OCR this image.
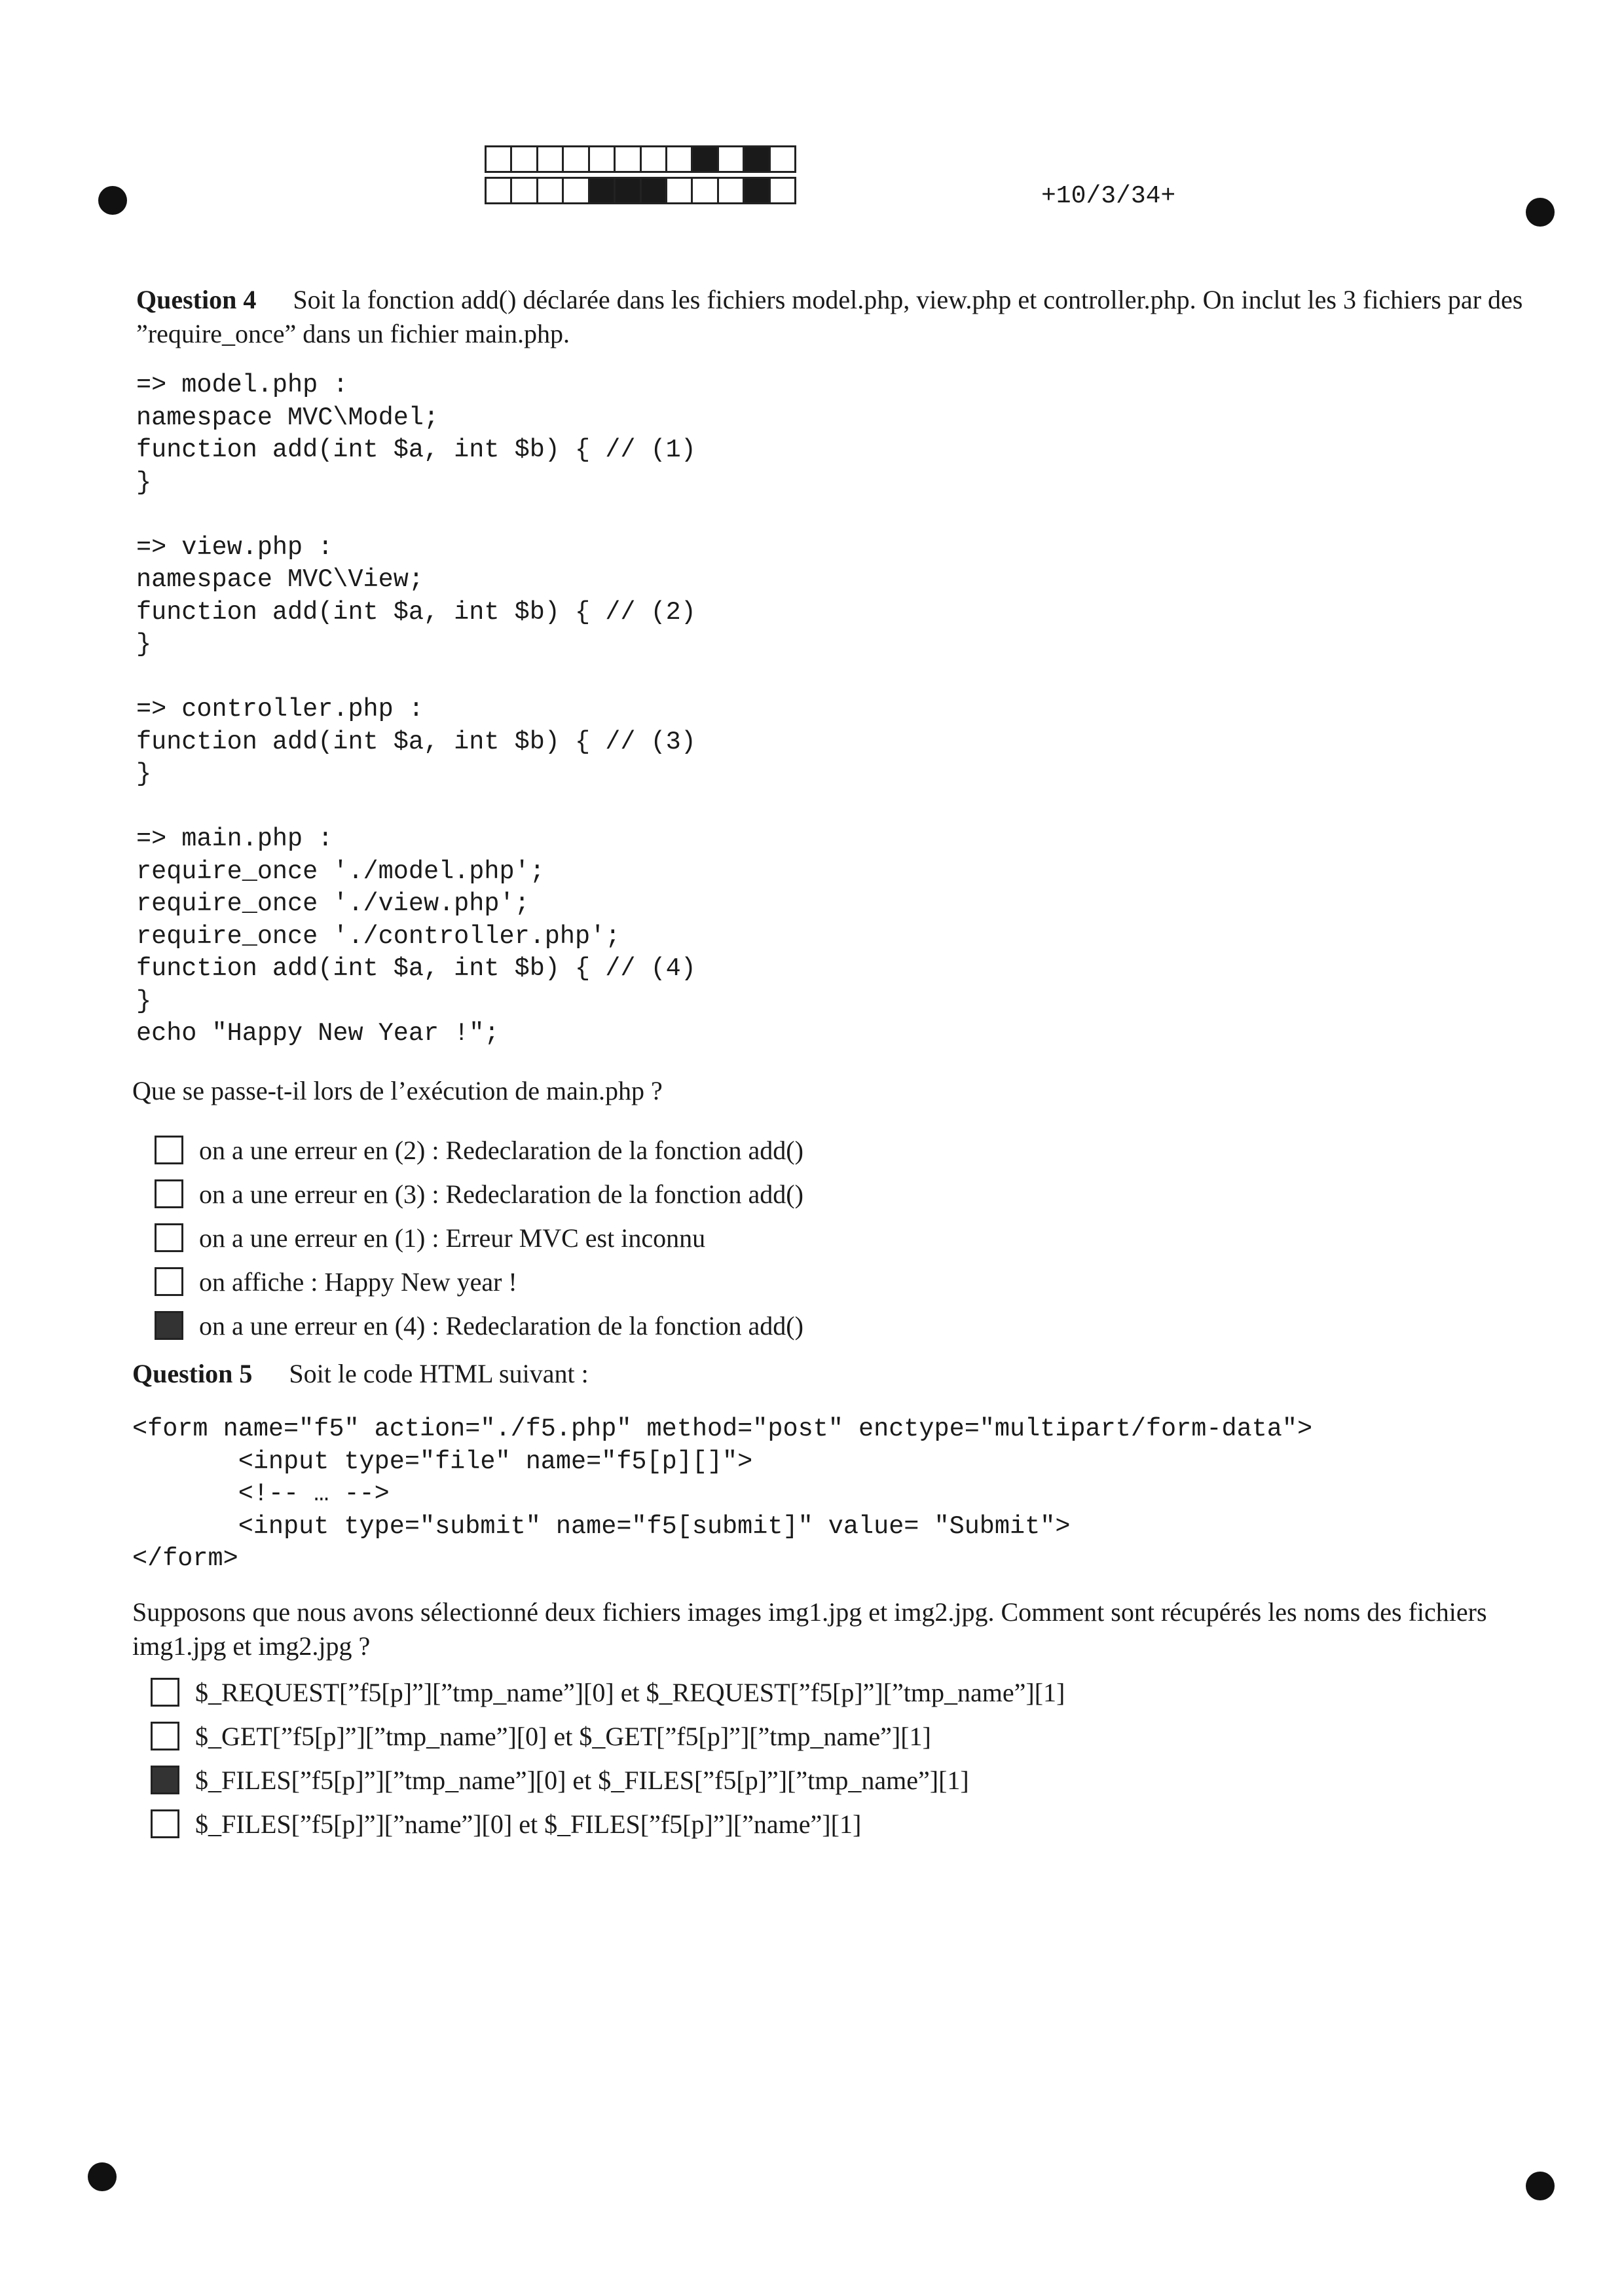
+10/3/34+
Question 4 Soit la fonction add() déclarée dans les fichiers model.php, view.php et controller.php. On inclut les 3 fichiers par des ”require_once” dans un fichier main.php.
=> model.php :
namespace MVC\Model;
function add(int $a, int $b) { // (1)
}

=> view.php :
namespace MVC\View;
function add(int $a, int $b) { // (2)
}

=> controller.php :
function add(int $a, int $b) { // (3)
}

=> main.php :
require_once './model.php';
require_once './view.php';
require_once './controller.php';
function add(int $a, int $b) { // (4)
}
echo "Happy New Year !";
Que se passe-t-il lors de l’exécution de main.php ?
on a une erreur en (2) : Redeclaration de la fonction add()
on a une erreur en (3) : Redeclaration de la fonction add()
on a une erreur en (1) : Erreur MVC est inconnu
on affiche : Happy New year !
on a une erreur en (4) : Redeclaration de la fonction add()
Question 5 Soit le code HTML suivant :
<form name="f5" action="./f5.php" method="post" enctype="multipart/form-data">
<input type="file" name="f5[p][]">
<!-- … -->
<input type="submit" name="f5[submit]" value= "Submit">
</form>
Supposons que nous avons sélectionné deux fichiers images img1.jpg et img2.jpg. Comment sont récupérés les noms des fichiers img1.jpg et img2.jpg ?
$_REQUEST[”f5[p]”][”tmp_name”][0] et $_REQUEST[”f5[p]”][”tmp_name”][1]
$_GET[”f5[p]”][”tmp_name”][0] et $_GET[”f5[p]”][”tmp_name”][1]
$_FILES[”f5[p]”][”tmp_name”][0] et $_FILES[”f5[p]”][”tmp_name”][1]
$_FILES[”f5[p]”][”name”][0] et $_FILES[”f5[p]”][”name”][1]
